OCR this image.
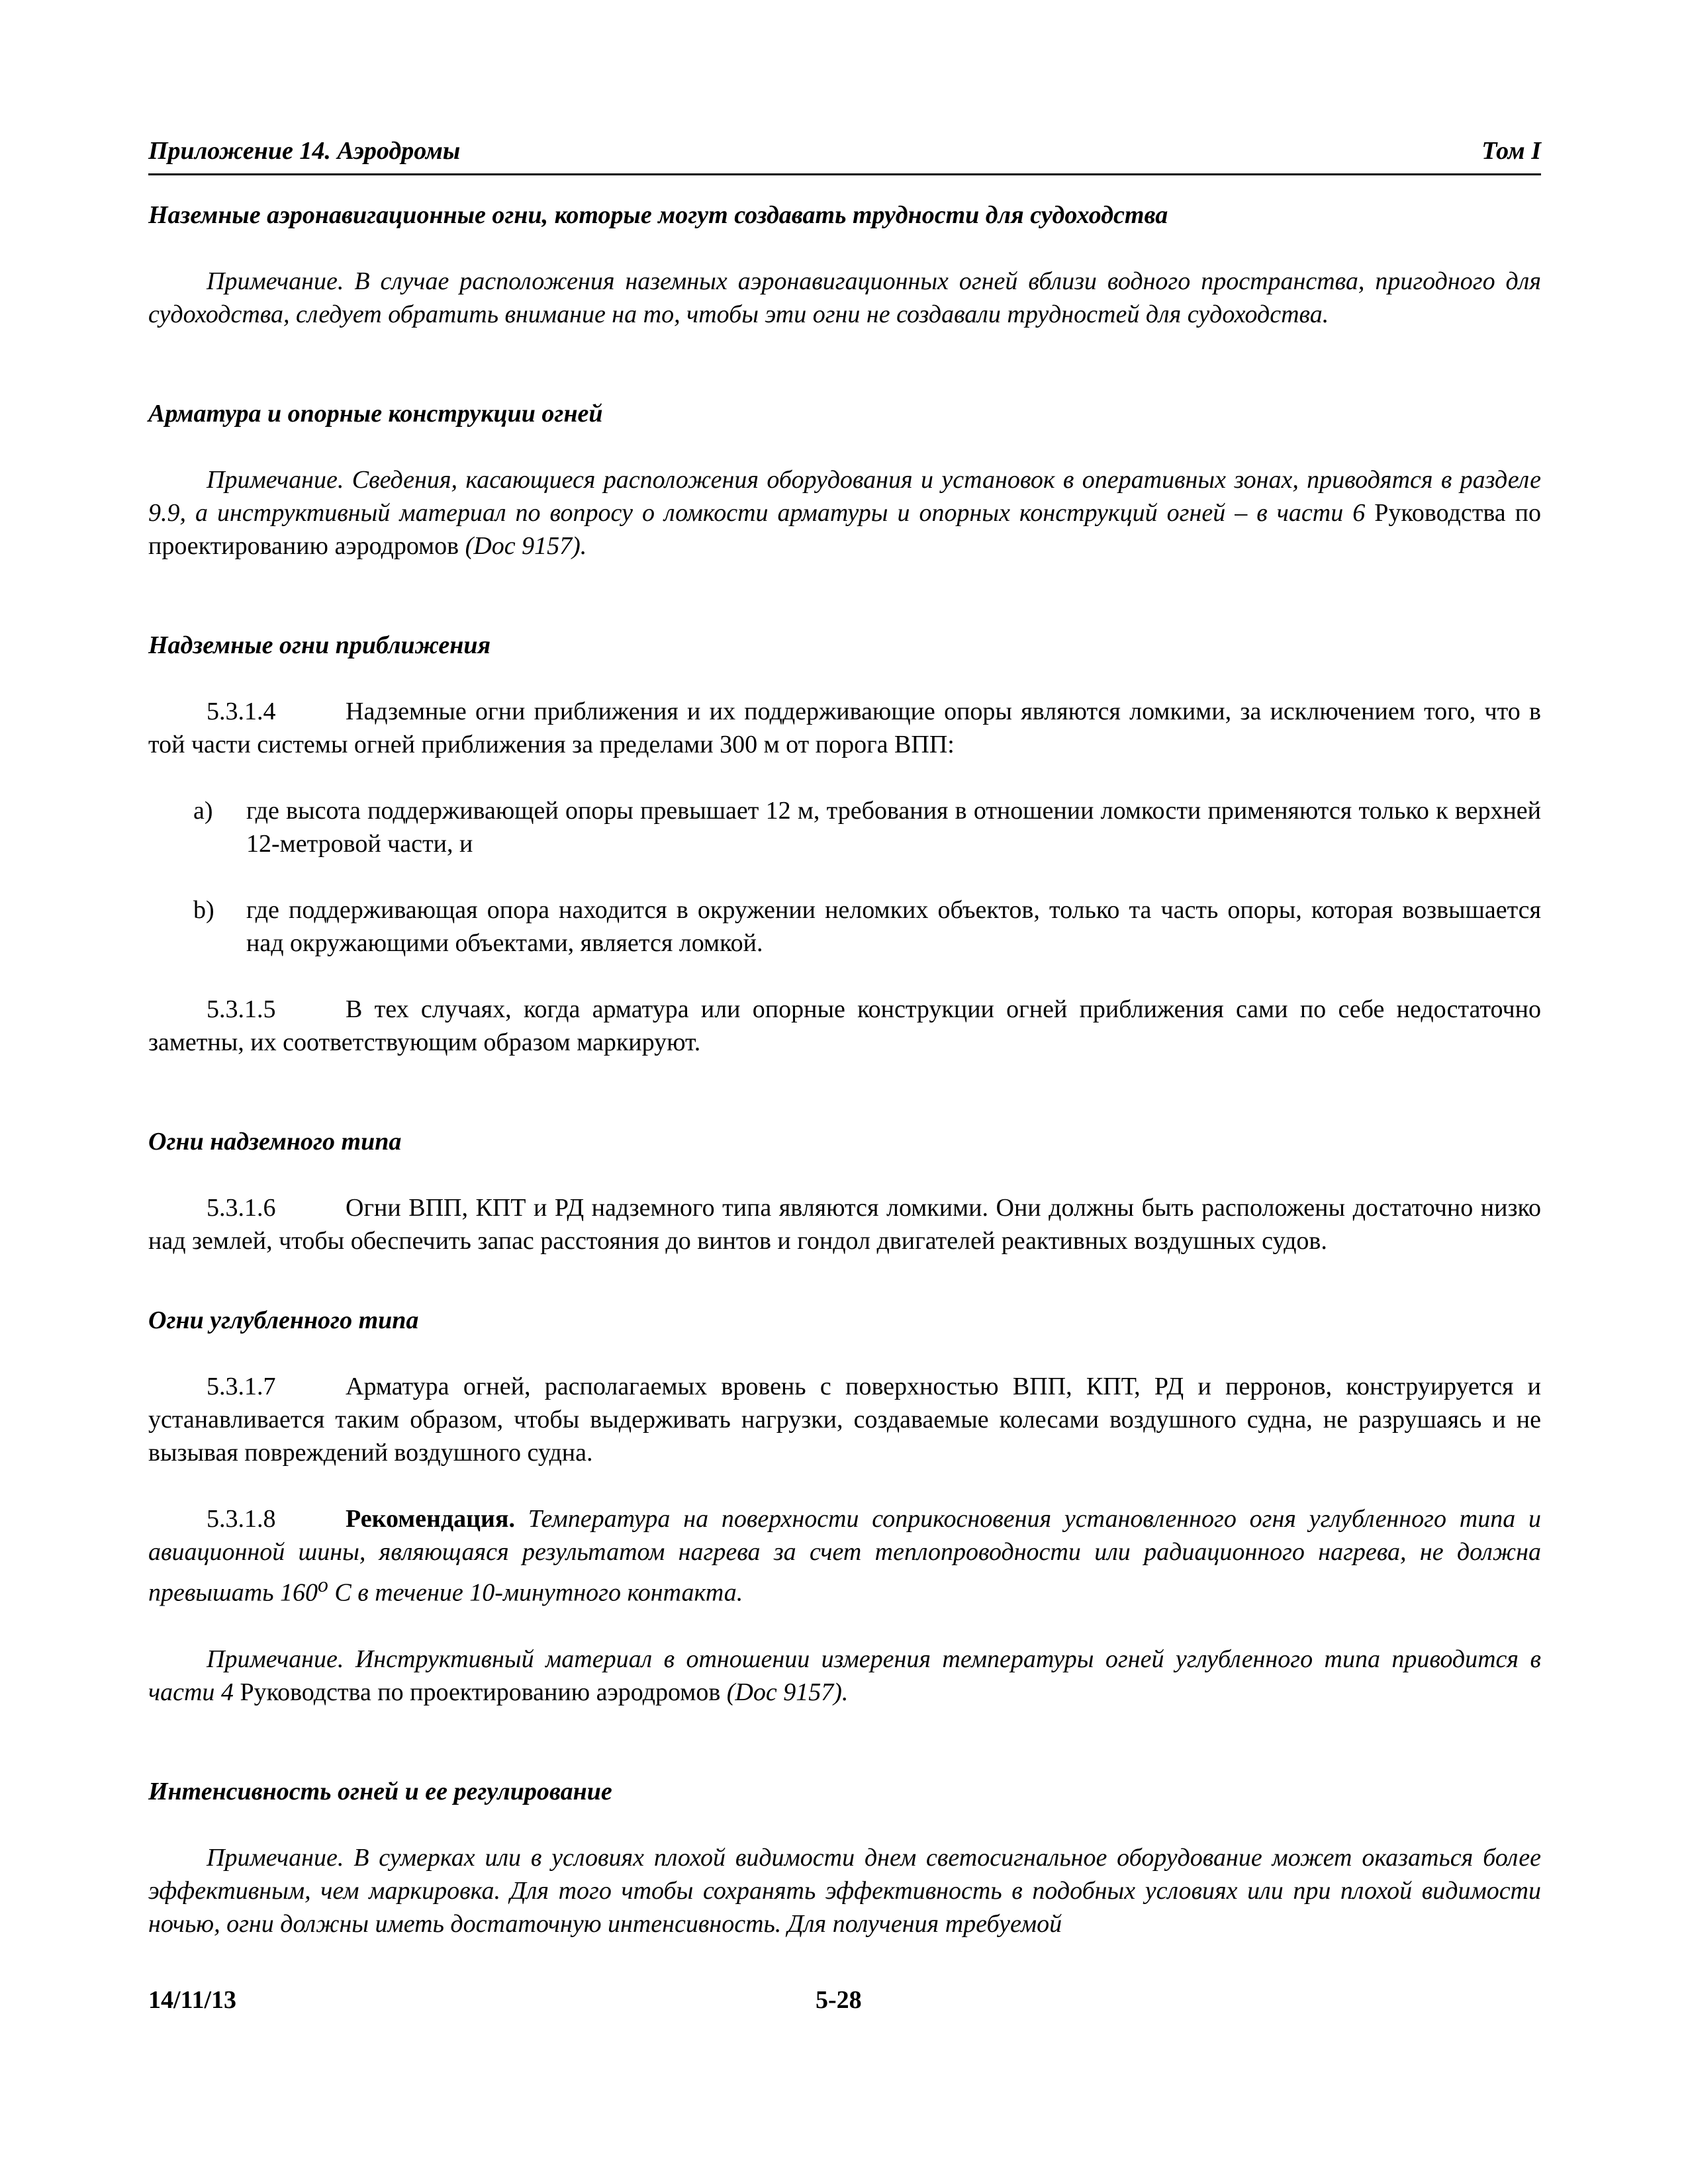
Приложение 14. Аэродромы	Том I

Наземные аэронавигационные огни, которые могут создавать трудности для судоходства

Примечание. В случае расположения наземных аэронавигационных огней вблизи водного пространства, пригодного для судоходства, следует обратить внимание на то, чтобы эти огни не создавали трудностей для судоходства.

Арматура и опорные конструкции огней

Примечание. Сведения, касающиеся расположения оборудования и установок в оперативных зонах, приводятся в разделе 9.9, а инструктивный материал по вопросу о ломкости арматуры и опорных конструкций огней – в части 6 Руководства по проектированию аэродромов (Doc 9157).

Надземные огни приближения

5.3.1.4	Надземные огни приближения и их поддерживающие опоры являются ломкими, за исключением того, что в той части системы огней приближения за пределами 300 м от порога ВПП:

a) где высота поддерживающей опоры превышает 12 м, требования в отношении ломкости применяются только к верхней 12-метровой части, и

b) где поддерживающая опора находится в окружении неломких объектов, только та часть опоры, которая возвышается над окружающими объектами, является ломкой.

5.3.1.5	В тех случаях, когда арматура или опорные конструкции огней приближения сами по себе недостаточно заметны, их соответствующим образом маркируют.

Огни надземного типа

5.3.1.6	Огни ВПП, КПТ и РД надземного типа являются ломкими. Они должны быть расположены достаточно низко над землей, чтобы обеспечить запас расстояния до винтов и гондол двигателей реактивных воздушных судов.

Огни углубленного типа

5.3.1.7	Арматура огней, располагаемых вровень с поверхностью ВПП, КПТ, РД и перронов, конструируется и устанавливается таким образом, чтобы выдерживать нагрузки, создаваемые колесами воздушного судна, не разрушаясь и не вызывая повреждений воздушного судна.

5.3.1.8	Рекомендация. Температура на поверхности соприкосновения установленного огня углубленного типа и авиационной шины, являющаяся результатом нагрева за счет теплопроводности или радиационного нагрева, не должна превышать $160^о$ С в течение 10-минутного контакта.

Примечание. Инструктивный материал в отношении измерения температуры огней углубленного типа приводится в части 4 Руководства по проектированию аэродромов (Doc 9157).

Интенсивность огней и ее регулирование

Примечание. В сумерках или в условиях плохой видимости днем светосигнальное оборудование может оказаться более эффективным, чем маркировка. Для того чтобы сохранять эффективность в подобных условиях или при плохой видимости ночью, огни должны иметь достаточную интенсивность. Для получения требуемой

14/11/13	5-28
